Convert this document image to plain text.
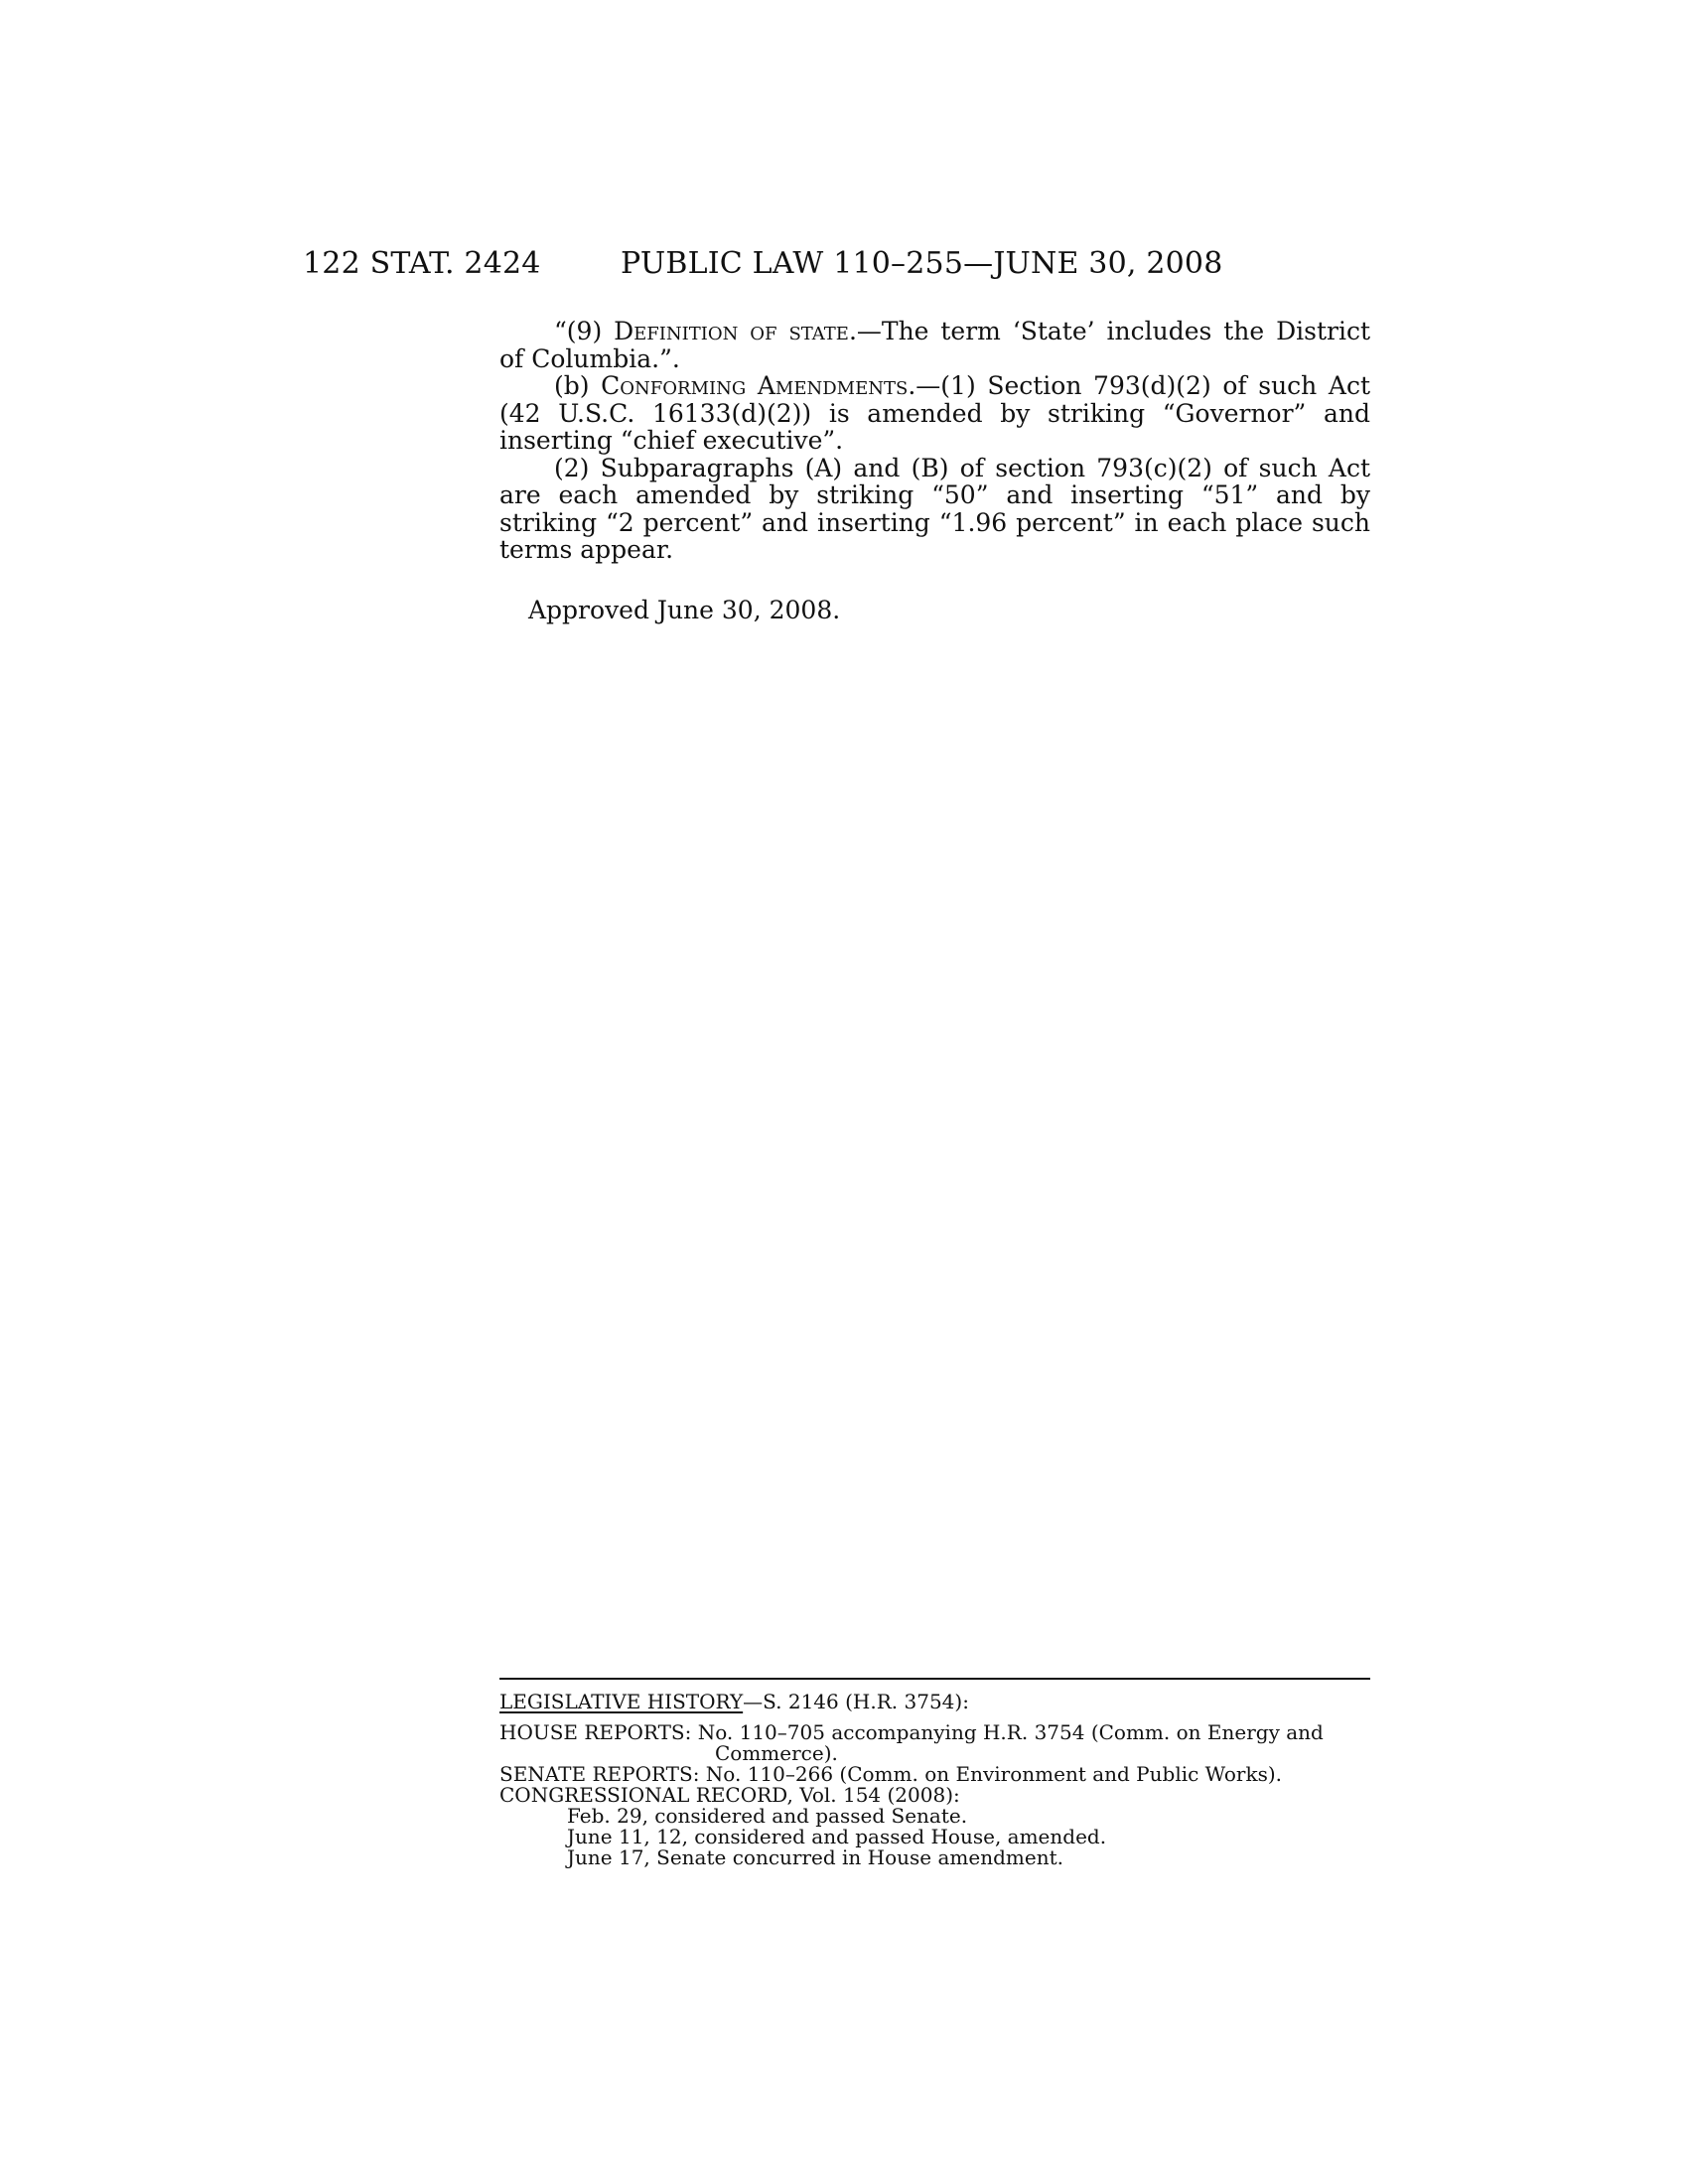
122 STAT. 2424	PUBLIC LAW 110–255—JUNE 30, 2008

“(9) Definition of state.—The term ‘State’ includes the District of Columbia.”.

(b) Conforming Amendments.—(1) Section 793(d)(2) of such Act (42 U.S.C. 16133(d)(2)) is amended by striking “Governor” and inserting “chief executive”.

(2) Subparagraphs (A) and (B) of section 793(c)(2) of such Act are each amended by striking “50” and inserting “51” and by striking “2 percent” and inserting “1.96 percent” in each place such terms appear.

Approved June 30, 2008.
LEGISLATIVE HISTORY—S. 2146 (H.R. 3754):

HOUSE REPORTS: No. 110–705 accompanying H.R. 3754 (Comm. on Energy and

Commerce).

SENATE REPORTS: No. 110–266 (Comm. on Environment and Public Works).

CONGRESSIONAL RECORD, Vol. 154 (2008):

Feb. 29, considered and passed Senate.

June 11, 12, considered and passed House, amended.

June 17, Senate concurred in House amendment.
